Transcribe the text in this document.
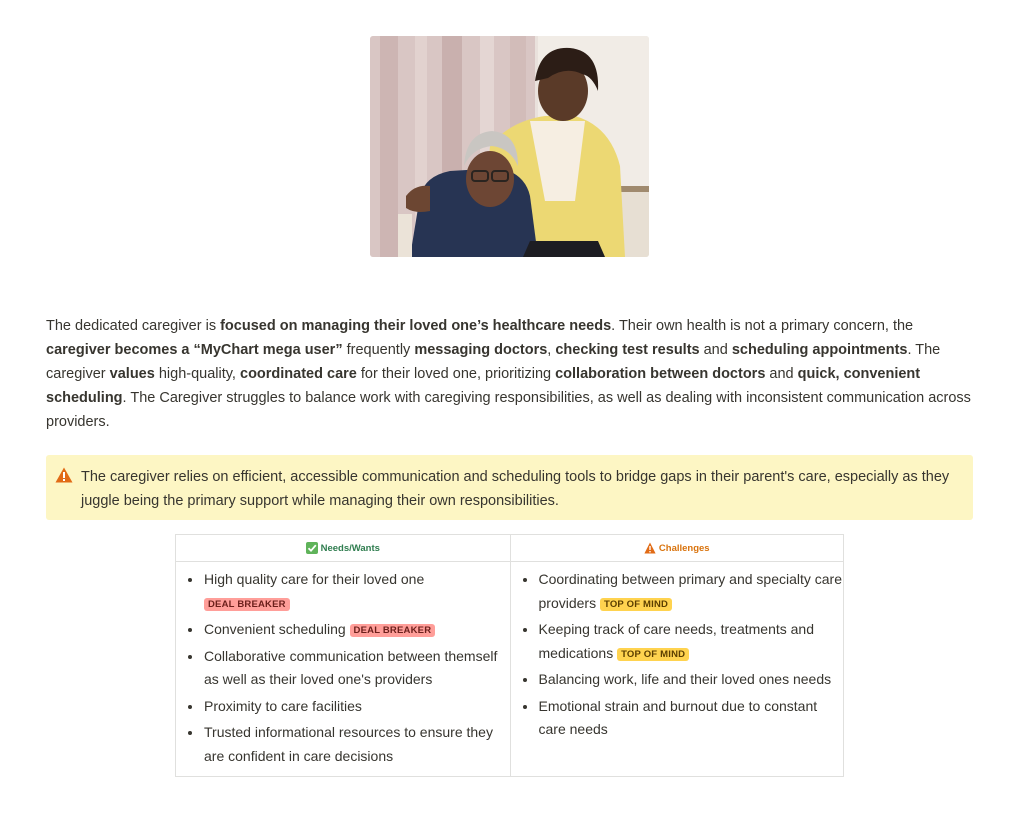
The dedicated caregiver is focused on managing their loved one’s healthcare needs. Their own health is not a primary concern, the caregiver becomes a “MyChart mega user” frequently messaging doctors, checking test results and scheduling appointments. The caregiver values high-quality, coordinated care for their loved one, prioritizing collaboration between doctors and quick, convenient scheduling. The Caregiver struggles to balance work with caregiving responsibilities, as well as dealing with inconsistent communication across providers.

The caregiver relies on efficient, accessible communication and scheduling tools to bridge gaps in their parent's care, especially as they juggle being the primary support while managing their own responsibilities.
Needs/Wants
• High quality care for their loved one
DEAL BREAKER
• Convenient scheduling DEAL BREAKER
• Collaborative communication between themself as well as their loved one's providers
• Proximity to care facilities
• Trusted informational resources to ensure they are confident in care decisions
Challenges
• Coordinating between primary and specialty care providers TOP OF MIND
• Keeping track of care needs, treatments and medications TOP OF MIND
• Balancing work, life and their loved ones needs
• Emotional strain and burnout due to constant care needs
